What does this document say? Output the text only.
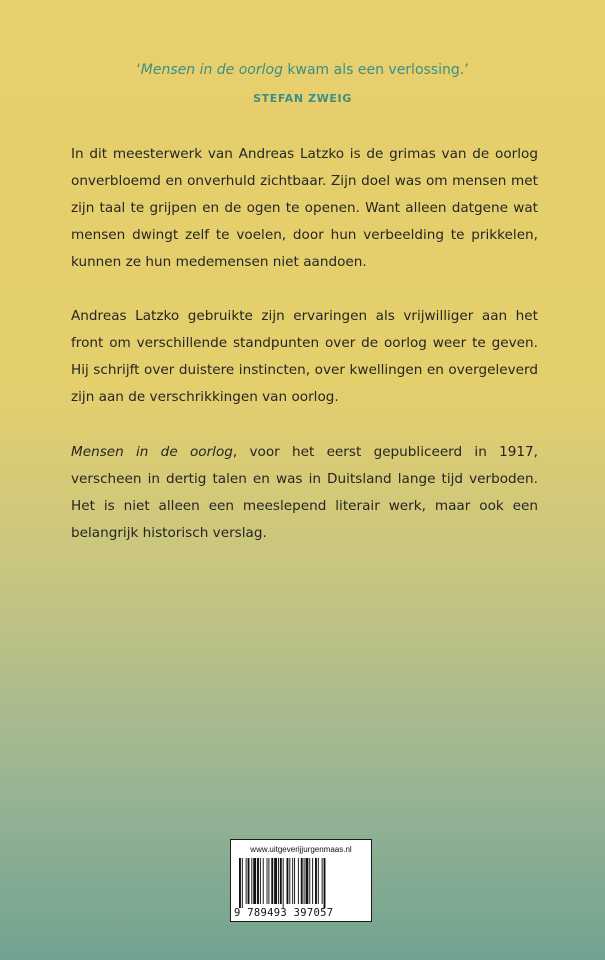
‘Mensen in de oorlog kwam als een verlossing.’
STEFAN ZWEIG
In dit meesterwerk van Andreas Latzko is de grimas van de oorlog onverbloemd en onverhuld zichtbaar. Zijn doel was om mensen met zijn taal te grijpen en de ogen te openen. Want alleen datgene wat mensen dwingt zelf te voelen, door hun verbeelding te prikkelen, kunnen ze hun medemensen niet aandoen.
Andreas Latzko gebruikte zijn ervaringen als vrijwilliger aan het front om verschillende standpunten over de oorlog weer te geven. Hij schrijft over duistere instincten, over kwellingen en overgeleverd zijn aan de verschrikkingen van oorlog.
Mensen in de oorlog, voor het eerst gepubliceerd in 1917, verscheen in dertig talen en was in Duitsland lange tijd verboden. Het is niet alleen een meeslepend literair werk, maar ook een belangrijk historisch verslag.
www.uitgeverijjurgenmaas.nl
9 789493 397057
